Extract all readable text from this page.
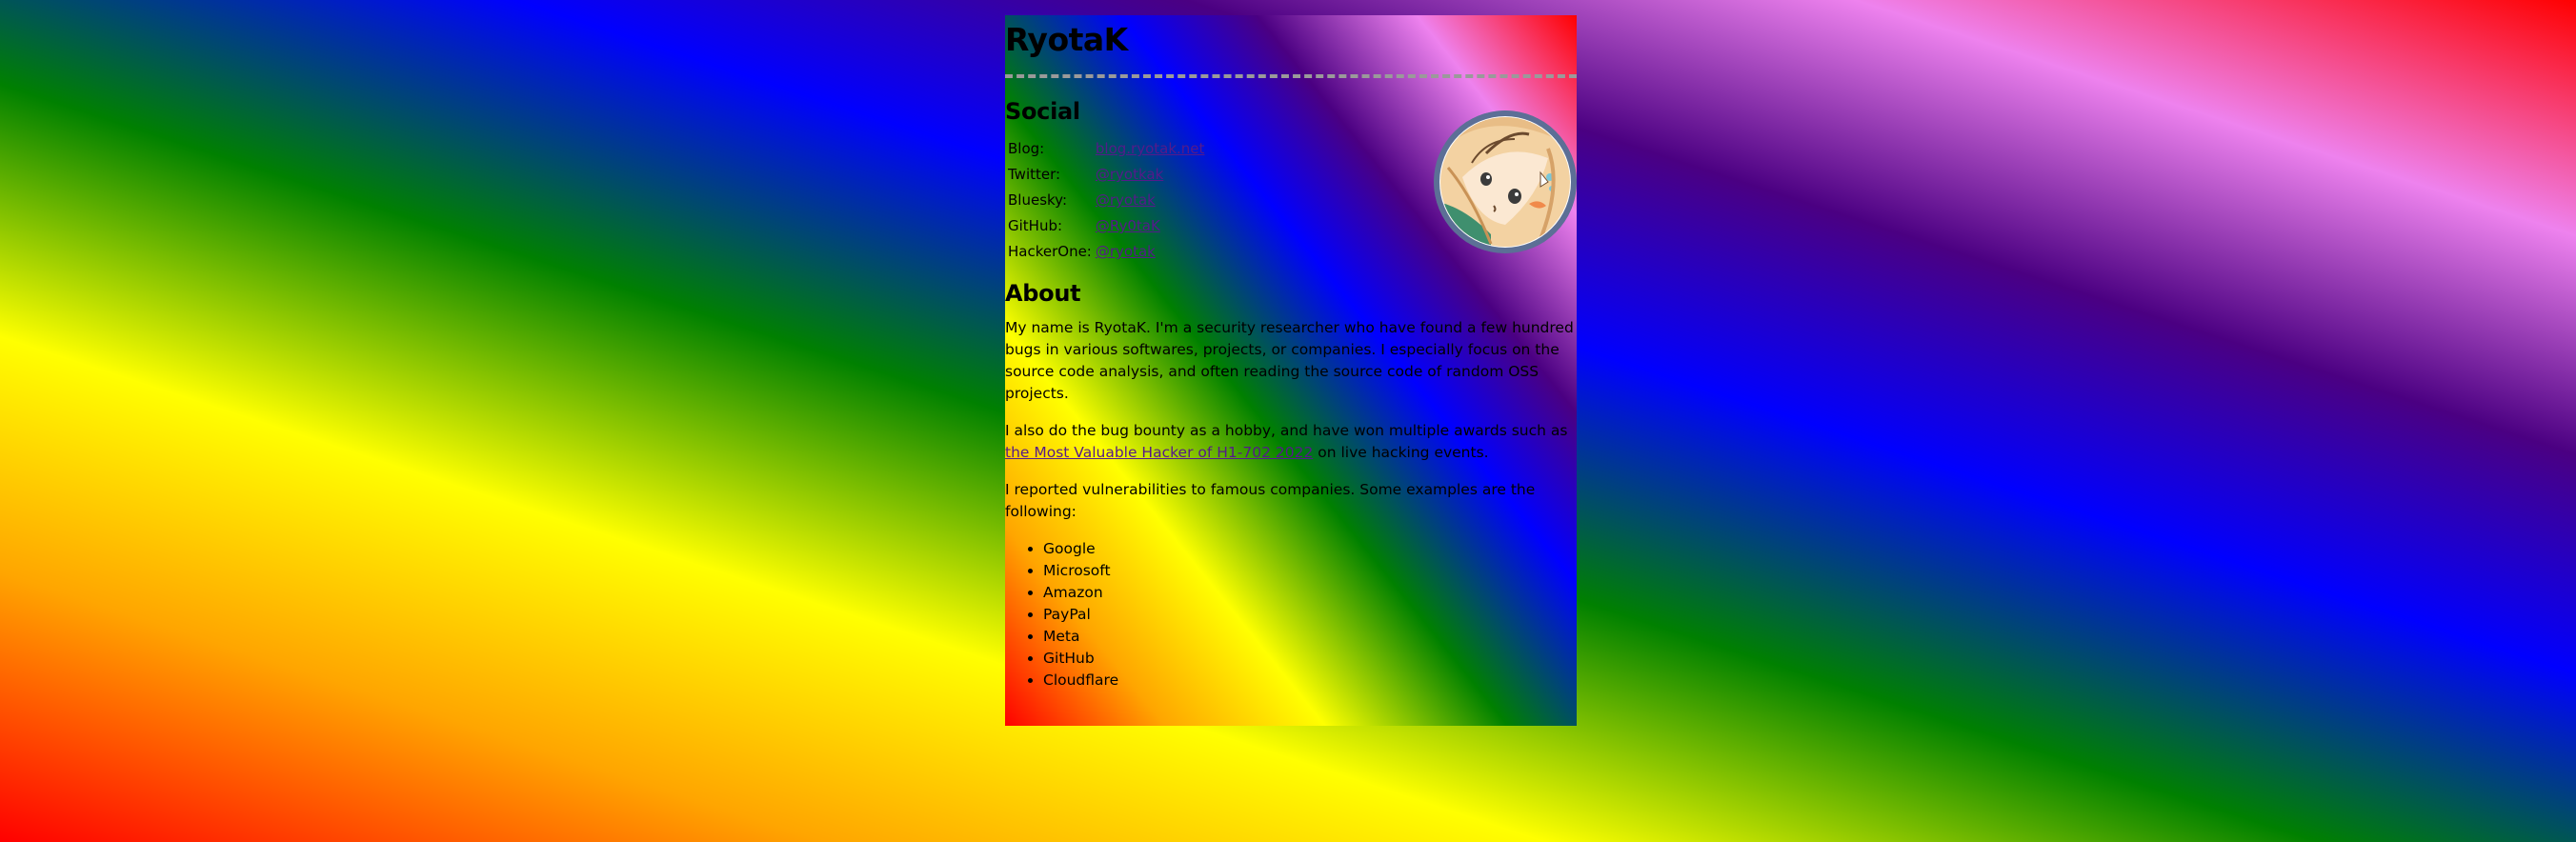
RyotaK
Social
Blog:	blog.ryotak.net
Twitter:	@ryotkak
Bluesky:	@ryotak
GitHub:	@Ry0taK
HackerOne:	@ryotak
About

My name is RyotaK. I'm a security researcher who have found a few hundred bugs in various softwares, projects, or companies. I especially focus on the source code analysis, and often reading the source code of random OSS projects.

I also do the bug bounty as a hobby, and have won multiple awards such as the Most Valuable Hacker of H1-702 2022 on live hacking events.

I reported vulnerabilities to famous companies. Some examples are the following:

• Google
• Microsoft
• Amazon
• PayPal
• Meta
• GitHub
• Cloudflare
